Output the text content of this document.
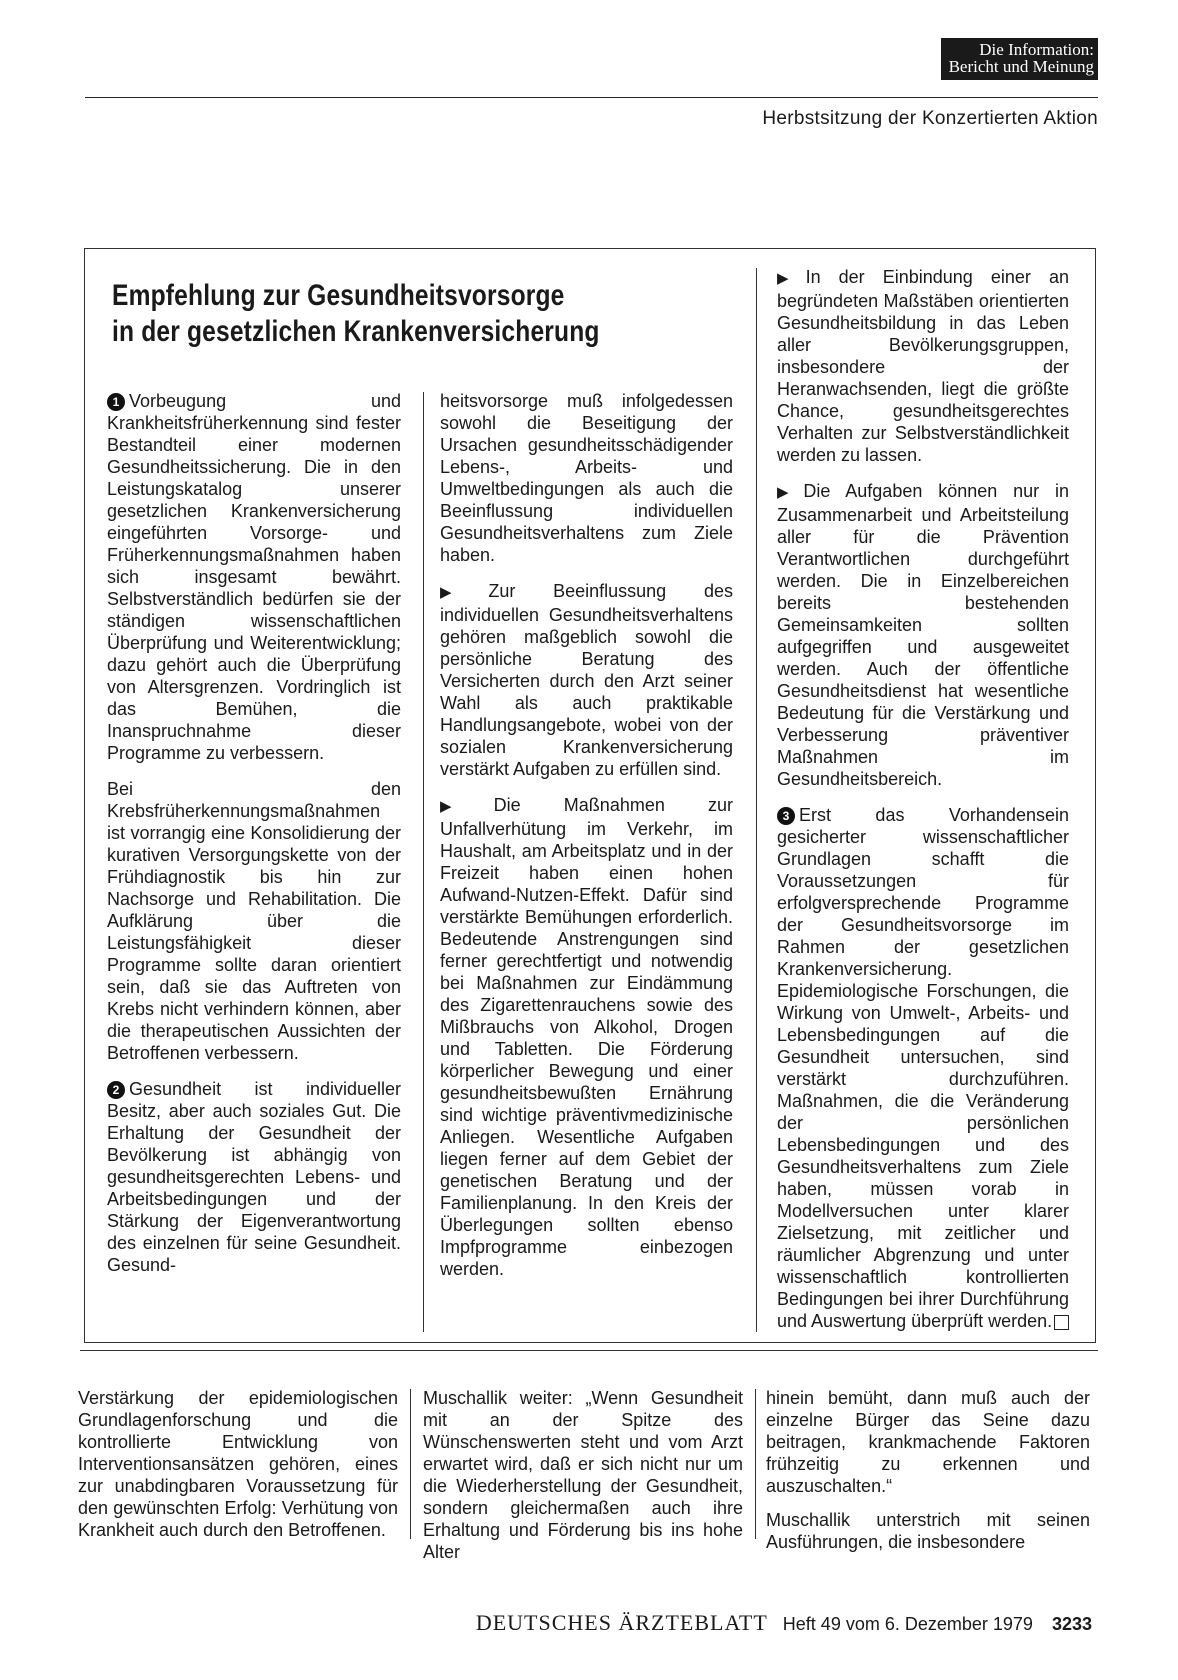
Die Information:
Bericht und Meinung
Herbstsitzung der Konzertierten Aktion
Empfehlung zur Gesundheitsvorsorge
in der gesetzlichen Krankenversicherung

1 Vorbeugung und Krankheitsfrüherkennung sind fester Bestandteil einer modernen Gesundheitssicherung. Die in den Leistungskatalog unserer gesetzlichen Krankenversicherung eingeführten Vorsorge- und Früherkennungsmaßnahmen haben sich insgesamt bewährt. Selbstverständlich bedürfen sie der ständigen wissenschaftlichen Überprüfung und Weiterentwicklung; dazu gehört auch die Überprüfung von Altersgrenzen. Vordringlich ist das Bemühen, die Inanspruchnahme dieser Programme zu verbessern.

Bei den Krebsfrüherkennungsmaßnahmen ist vorrangig eine Konsolidierung der kurativen Versorgungskette von der Frühdiagnostik bis hin zur Nachsorge und Rehabilitation. Die Aufklärung über die Leistungsfähigkeit dieser Programme sollte daran orientiert sein, daß sie das Auftreten von Krebs nicht verhindern können, aber die therapeutischen Aussichten der Betroffenen verbessern.

2 Gesundheit ist individueller Besitz, aber auch soziales Gut. Die Erhaltung der Gesundheit der Bevölkerung ist abhängig von gesundheitsgerechten Lebens- und Arbeitsbedingungen und der Stärkung der Eigenverantwortung des einzelnen für seine Gesundheit. Gesund-

heitsvorsorge muß infolgedessen sowohl die Beseitigung der Ursachen gesundheitsschädigender Lebens-, Arbeits- und Umweltbedingungen als auch die Beeinflussung individuellen Gesundheitsverhaltens zum Ziele haben.

▶ Zur Beeinflussung des individuellen Gesundheitsverhaltens gehören maßgeblich sowohl die persönliche Beratung des Versicherten durch den Arzt seiner Wahl als auch praktikable Handlungsangebote, wobei von der sozialen Krankenversicherung verstärkt Aufgaben zu erfüllen sind.

▶ Die Maßnahmen zur Unfallverhütung im Verkehr, im Haushalt, am Arbeitsplatz und in der Freizeit haben einen hohen Aufwand-Nutzen-Effekt. Dafür sind verstärkte Bemühungen erforderlich. Bedeutende Anstrengungen sind ferner gerechtfertigt und notwendig bei Maßnahmen zur Eindämmung des Zigarettenrauchens sowie des Mißbrauchs von Alkohol, Drogen und Tabletten. Die Förderung körperlicher Bewegung und einer gesundheitsbewußten Ernährung sind wichtige präventivmedizinische Anliegen. Wesentliche Aufgaben liegen ferner auf dem Gebiet der genetischen Beratung und der Familienplanung. In den Kreis der Überlegungen sollten ebenso Impfprogramme einbezogen werden.

▶ In der Einbindung einer an begründeten Maßstäben orientierten Gesundheitsbildung in das Leben aller Bevölkerungsgruppen, insbesondere der Heranwachsenden, liegt die größte Chance, gesundheitsgerechtes Verhalten zur Selbstverständlichkeit werden zu lassen.

▶ Die Aufgaben können nur in Zusammenarbeit und Arbeitsteilung aller für die Prävention Verantwortlichen durchgeführt werden. Die in Einzelbereichen bereits bestehenden Gemeinsamkeiten sollten aufgegriffen und ausgeweitet werden. Auch der öffentliche Gesundheitsdienst hat wesentliche Bedeutung für die Verstärkung und Verbesserung präventiver Maßnahmen im Gesundheitsbereich.

3 Erst das Vorhandensein gesicherter wissenschaftlicher Grundlagen schafft die Voraussetzungen für erfolgversprechende Programme der Gesundheitsvorsorge im Rahmen der gesetzlichen Krankenversicherung. Epidemiologische Forschungen, die Wirkung von Umwelt-, Arbeits- und Lebensbedingungen auf die Gesundheit untersuchen, sind verstärkt durchzuführen. Maßnahmen, die die Veränderung der persönlichen Lebensbedingungen und des Gesundheitsverhaltens zum Ziele haben, müssen vorab in Modellversuchen unter klarer Zielsetzung, mit zeitlicher und räumlicher Abgrenzung und unter wissenschaftlich kontrollierten Bedingungen bei ihrer Durchführung und Auswertung überprüft werden.

Verstärkung der epidemiologischen Grundlagenforschung und die kontrollierte Entwicklung von Interventionsansätzen gehören, eines zur unabdingbaren Voraussetzung für den gewünschten Erfolg: Verhütung von Krankheit auch durch den Betroffenen.

Muschallik weiter: „Wenn Gesundheit mit an der Spitze des Wünschenswerten steht und vom Arzt erwartet wird, daß er sich nicht nur um die Wiederherstellung der Gesundheit, sondern gleichermaßen auch ihre Erhaltung und Förderung bis ins hohe Alter

hinein bemüht, dann muß auch der einzelne Bürger das Seine dazu beitragen, krankmachende Faktoren frühzeitig zu erkennen und auszuschalten.“

Muschallik unterstrich mit seinen Ausführungen, die insbesondere

DEUTSCHES ÄRZTEBLATT Heft 49 vom 6. Dezember 1979 3233
